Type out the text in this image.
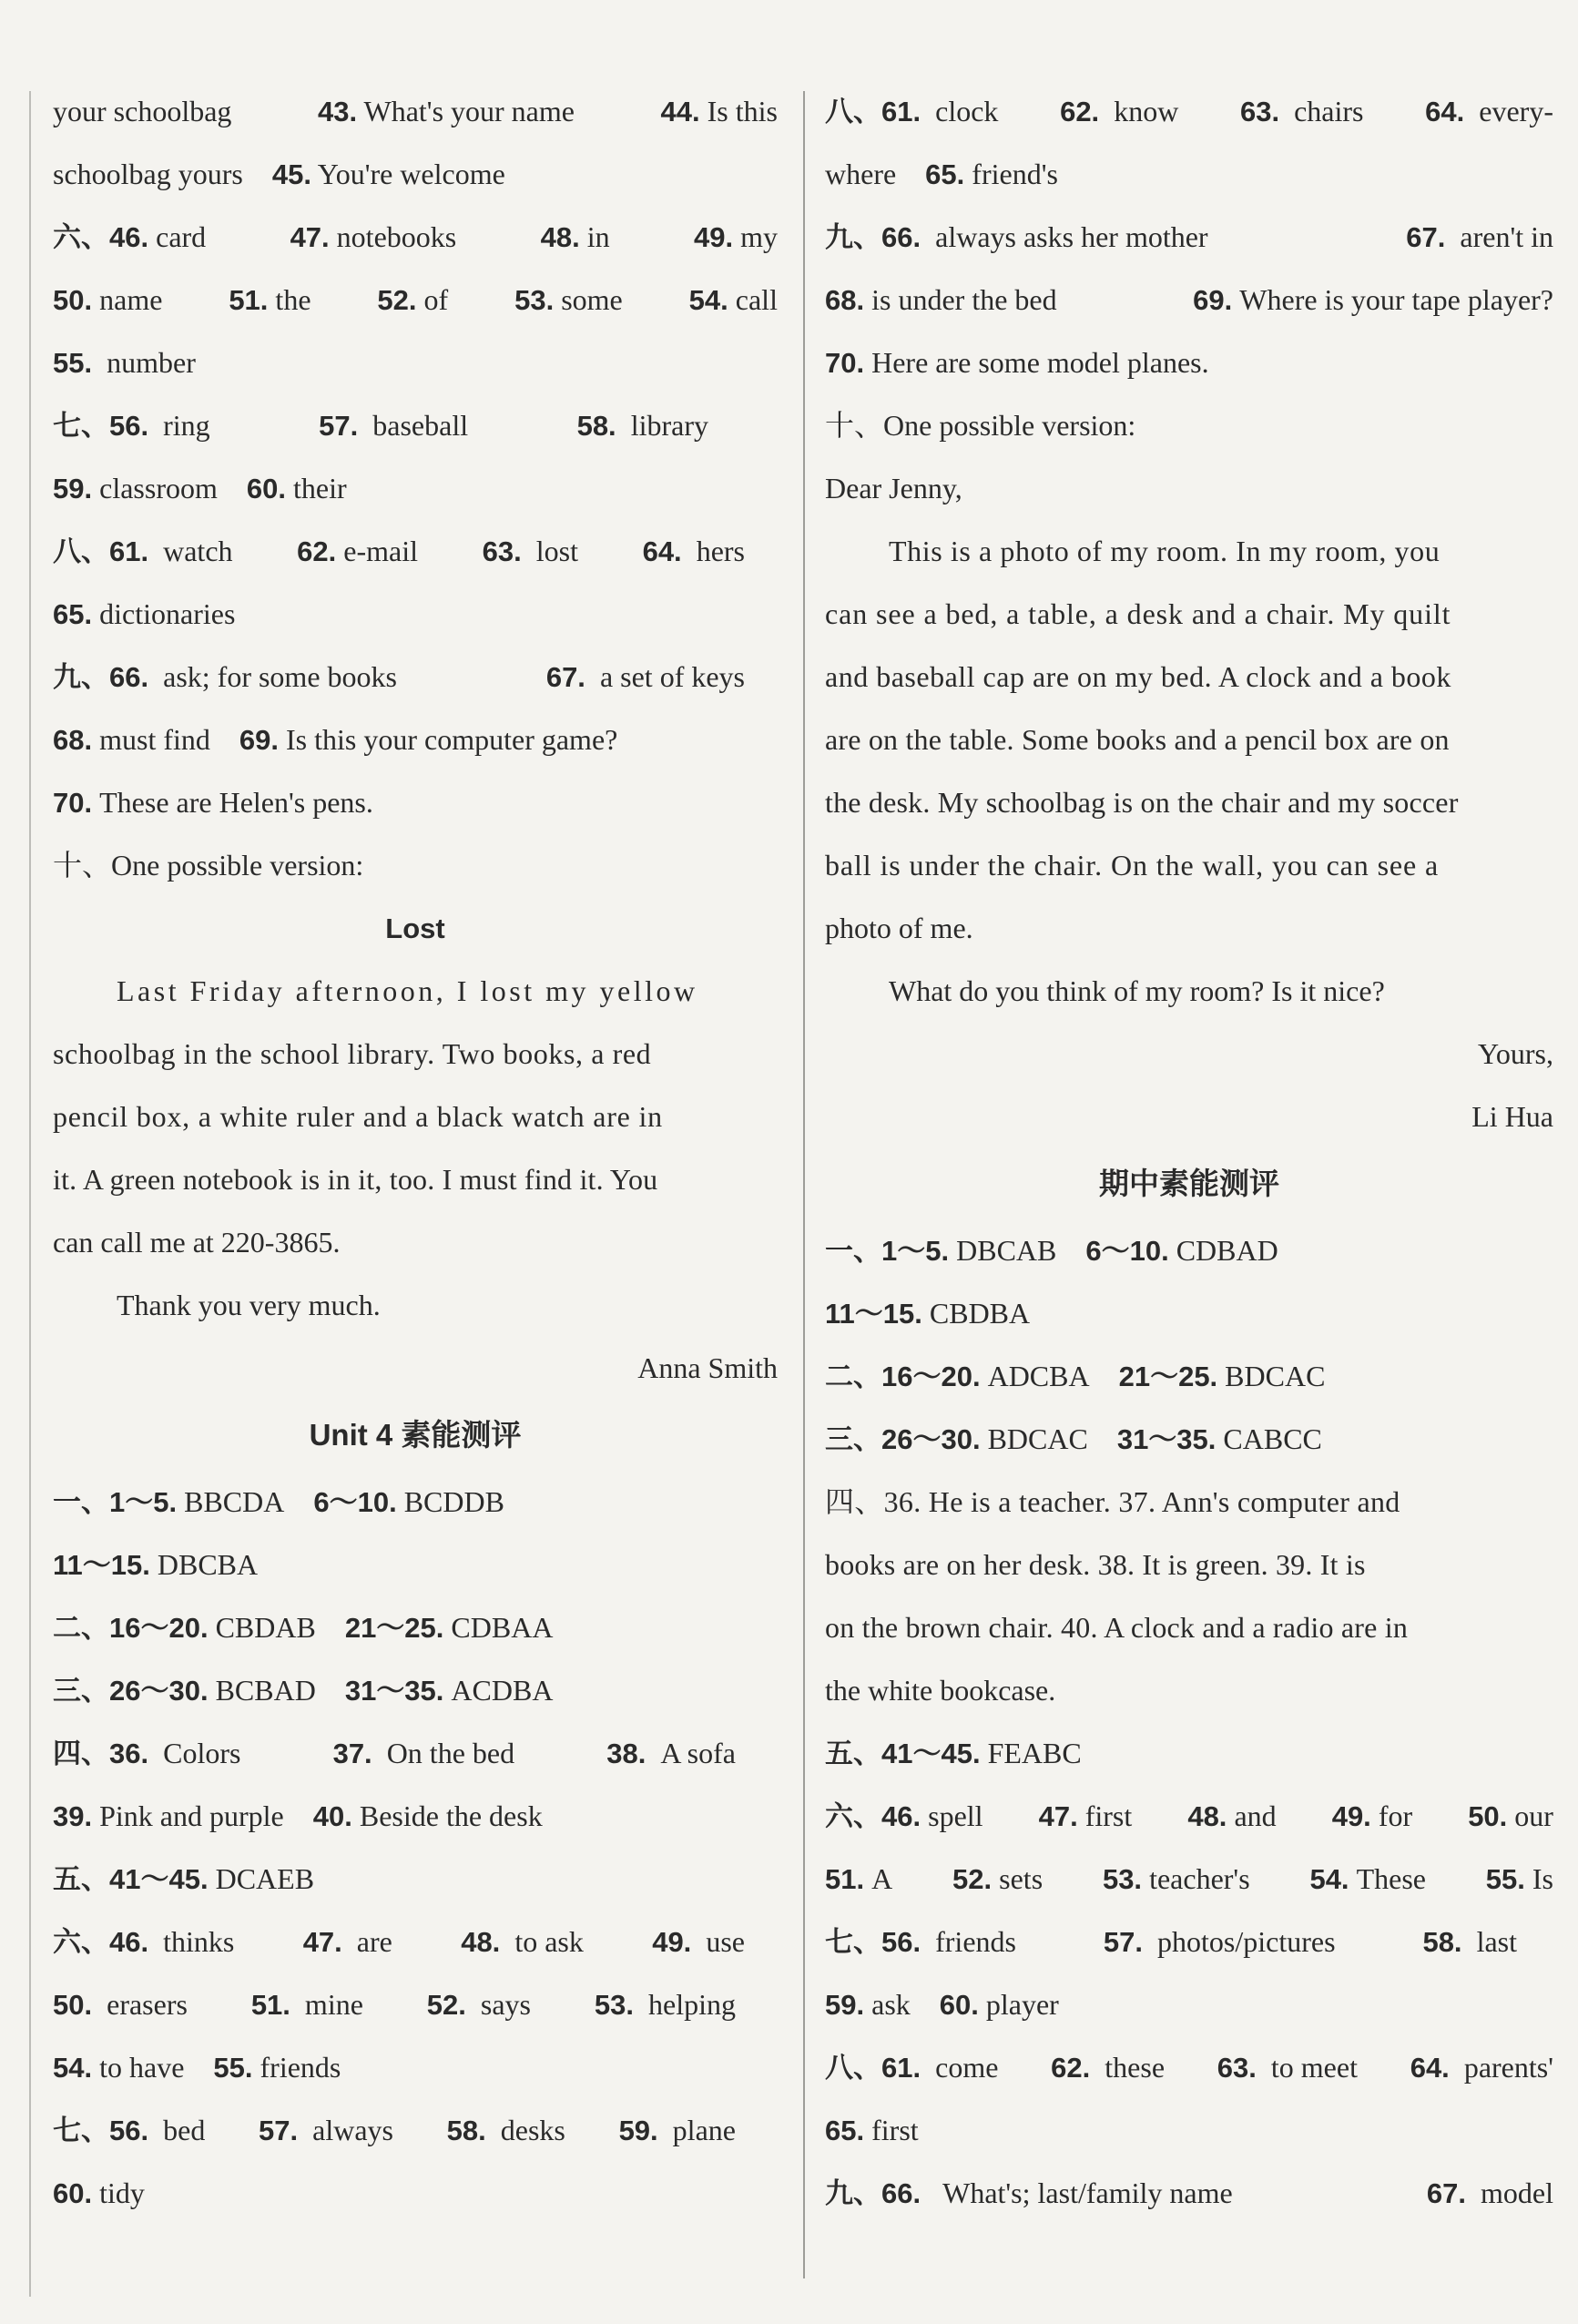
your schoolbag	43. What's your name	44. Is this
schoolbag yours 45. You're welcome
六、46. card	47. notebooks	48. in	49. my
50. name 51. the 52. of 53. some 54. call
55. number
七、56. ring	57. baseball	58. library
59. classroom 60. their
八、61. watch 62. e-mail 63. lost 64. hers
65. dictionaries
九、66. ask; for some books	67. a set of keys
68. must find 69. Is this your computer game?
70. These are Helen's pens.
十、One possible version:
Lost
Last Friday afternoon, I lost my yellow
schoolbag in the school library. Two books, a red
pencil box, a white ruler and a black watch are in
it. A green notebook is in it, too. I must find it. You
can call me at 220-3865.
Thank you very much.
Anna Smith
Unit 4 素能测评
一、1～5. BBCDA 6～10. BCDDB
11～15. DBCBA
二、16～20. CBDAB 21～25. CDBAA
三、26～30. BCBAD 31～35. ACDBA
四、36. Colors	37. On the bed	38. A sofa
39. Pink and purple 40. Beside the desk
五、41～45. DCAEB
六、46. thinks 47. are 48. to ask 49. use
50. erasers 51. mine 52. says 53. helping
54. to have 55. friends
七、56. bed 57. always 58. desks 59. plane
60. tidy
八、61. clock 62. know 63. chairs 64. every-
where 65. friend's
九、66. always asks her mother	67. aren't in
68. is under the bed	69. Where is your tape player?
70. Here are some model planes.
十、One possible version:
Dear Jenny,
This is a photo of my room. In my room, you
can see a bed, a table, a desk and a chair. My quilt
and baseball cap are on my bed. A clock and a book
are on the table. Some books and a pencil box are on
the desk. My schoolbag is on the chair and my soccer
ball is under the chair. On the wall, you can see a
photo of me.
What do you think of my room? Is it nice?
Yours,
Li Hua
期中素能测评
一、1～5. DBCAB 6～10. CDBAD
11～15. CBDBA
二、16～20. ADCBA 21～25. BDCAC
三、26～30. BDCAC 31～35. CABCC
四、36. He is a teacher. 37. Ann's computer and
books are on her desk. 38. It is green. 39. It is
on the brown chair. 40. A clock and a radio are in
the white bookcase.
五、41～45. FEABC
六、46. spell 47. first 48. and 49. for 50. our
51. A 52. sets 53. teacher's 54. These 55. Is
七、56. friends	57. photos/pictures	58. last
59. ask 60. player
八、61. come 62. these 63. to meet 64. parents'
65. first
九、66. What's; last/family name	67. model
